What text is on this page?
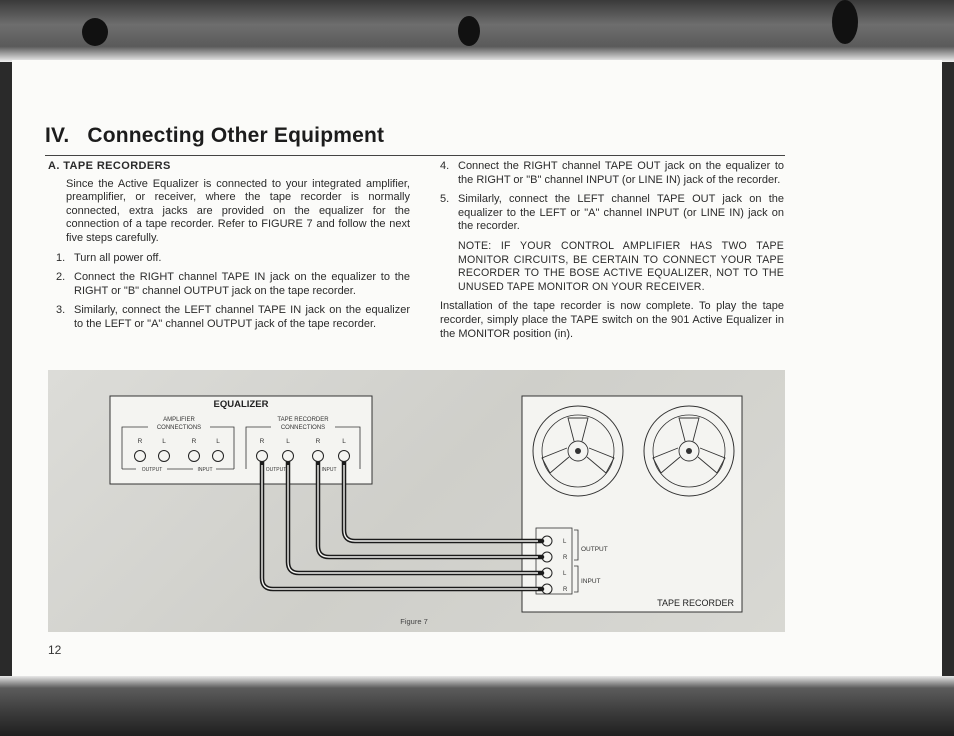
IV. Connecting Other Equipment
A. TAPE RECORDERS
Since the Active Equalizer is connected to your integrated amplifier, preamplifier, or receiver, where the tape recorder is normally connected, extra jacks are provided on the equalizer for the connection of a tape recorder. Refer to FIGURE 7 and follow the next five steps carefully.
1. Turn all power off.
2. Connect the RIGHT channel TAPE IN jack on the equalizer to the RIGHT or "B" channel OUTPUT jack on the tape recorder.
3. Similarly, connect the LEFT channel TAPE IN jack on the equalizer to the LEFT or "A" channel OUTPUT jack of the tape recorder.
4. Connect the RIGHT channel TAPE OUT jack on the equalizer to the RIGHT or "B" channel INPUT (or LINE IN) jack of the recorder.
5. Similarly, connect the LEFT channel TAPE OUT jack on the equalizer to the LEFT or "A" channel INPUT (or LINE IN) jack on the recorder.
NOTE: IF YOUR CONTROL AMPLIFIER HAS TWO TAPE MONITOR CIRCUITS, BE CERTAIN TO CONNECT YOUR TAPE RECORDER TO THE BOSE ACTIVE EQUALIZER, NOT TO THE UNUSED TAPE MONITOR ON YOUR RECEIVER.
Installation of the tape recorder is now complete. To play the tape recorder, simply place the TAPE switch on the 901 Active Equalizer in the MONITOR position (in).
EQUALIZER
AMPLIFIER
CONNECTIONS
R	L	R	L
OUTPUT	INPUT
TAPE RECORDER
CONNECTIONS
R	L	R	L
OUTPUT	INPUT
TAPE RECORDER
L
R
L
R
OUTPUT
INPUT
Figure 7
12
